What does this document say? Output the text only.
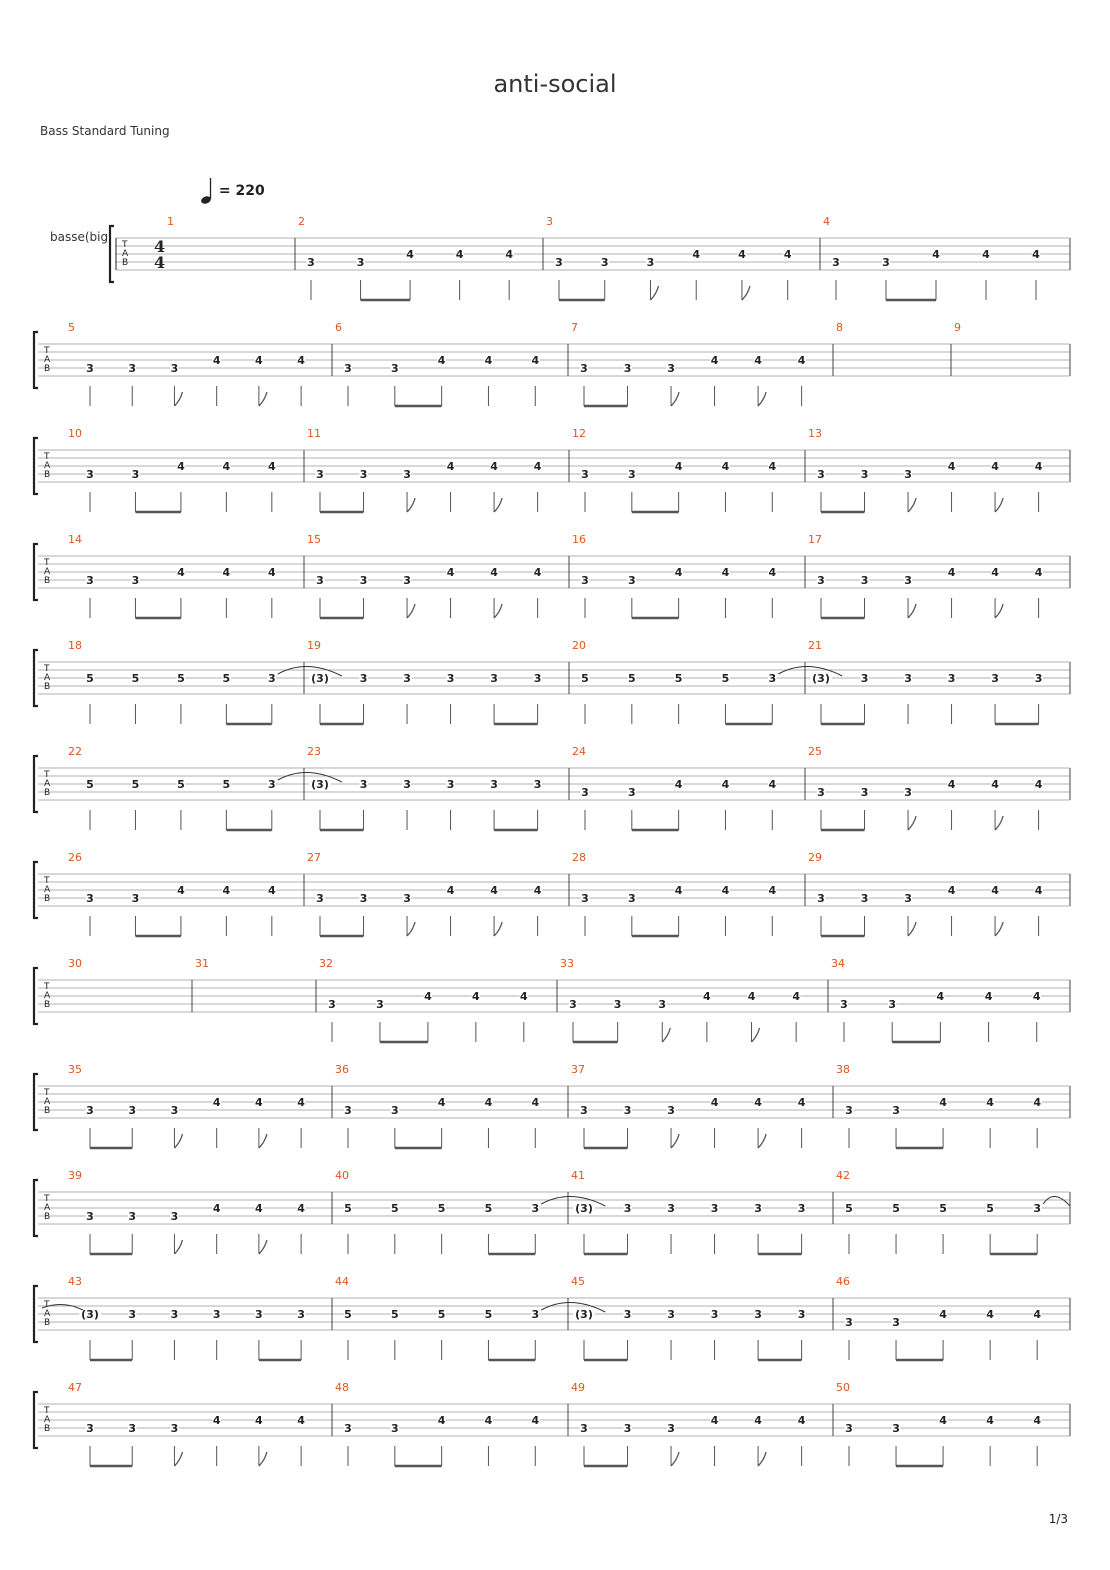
anti-social
Bass Standard Tuning
= 220
basse(big
1/3
T
A
B
4
4
1	2
3	3
4	4	4
3
3	3	3
4	4	4
4
3	3
4	4	4
T
A
B
5
3	3	3
4	4	4
6
3	3
4	4	4
7
3	3	3
4	4	4
8	9
T
A
B
10
3	3
4	4	4
11
3	3	3
4	4	4
12
3	3
4	4	4
13
3	3	3
4	4	4
T
A
B
14
3	3
4	4	4
15
3	3	3
4	4	4
16
3	3
4	4	4
17
3	3	3
4	4	4
T
A
B
18
5	5	5	5	3
19
(3)	3	3	3	3	3
20
5	5	5	5	3
21
(3)	3	3	3	3	3
T
A
B
22
5	5	5	5	3
23
(3)	3	3	3	3	3
24
3	3
4	4	4
25
3	3	3
4	4	4
T
A
B
26
3	3
4	4	4
27
3	3	3
4	4	4
28
3	3
4	4	4
29
3	3	3
4	4	4
T
A
B
30	31	32
3	3
4	4	4
33
3	3	3
4	4	4
34
3	3
4	4	4
T
A
B
35
3	3	3
4	4	4
36
3	3
4	4	4
37
3	3	3
4	4	4
38
3	3
4	4	4
T
A
B
39
3	3	3
4	4	4
40
5	5	5	5	3
41
(3)	3	3	3	3	3
42
5	5	5	5	3
T
A
B
43
(3)	3	3	3	3	3
44
5	5	5	5	3
45
(3)	3	3	3	3	3
46
3	3
4	4	4
T
A
B
47
3	3	3
4	4	4
48
3	3
4	4	4
49
3	3	3
4	4	4
50
3	3
4	4	4
